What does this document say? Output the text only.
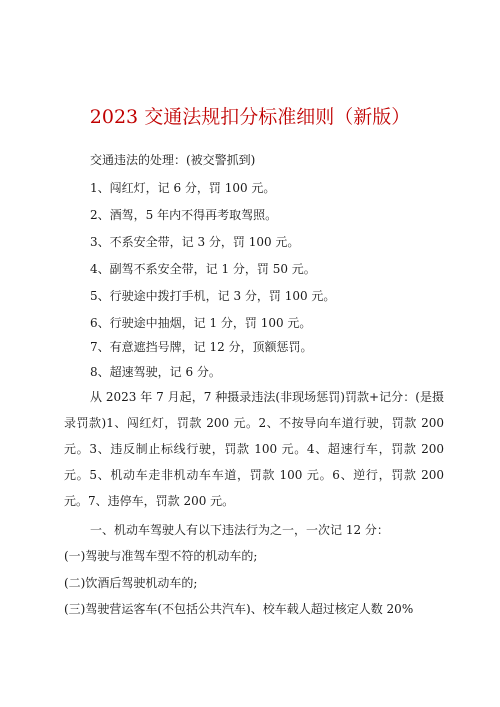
2023 交通法规扣分标准细则（新版）
交通违法的处理：(被交警抓到)
1、闯红灯，记 6 分，罚 100 元。
2、酒驾，5 年内不得再考取驾照。
3、不系安全带，记 3 分，罚 100 元。
4、副驾不系安全带，记 1 分，罚 50 元。
5、行驶途中拨打手机，记 3 分，罚 100 元。
6、行驶途中抽烟，记 1 分，罚 100 元。
7、有意遮挡号牌，记 12 分，顶额惩罚。
8、超速驾驶，记 6 分。
从 2023 年 7 月起，7 种摄录违法(非现场惩罚)罚款+记分：(是摄录罚款)1、闯红灯，罚款 200 元。2、不按导向车道行驶，罚款 200 元。3、违反制止标线行驶，罚款 100 元。4、超速行车，罚款 200 元。5、机动车走非机动车车道，罚款 100 元。6、逆行，罚款 200 元。7、违停车，罚款 200 元。
一、机动车驾驶人有以下违法行为之一，一次记 12 分：
(一)驾驶与准驾车型不符的机动车的;
(二)饮酒后驾驶机动车的;
(三)驾驶营运客车(不包括公共汽车)、校车载人超过核定人数 20%
